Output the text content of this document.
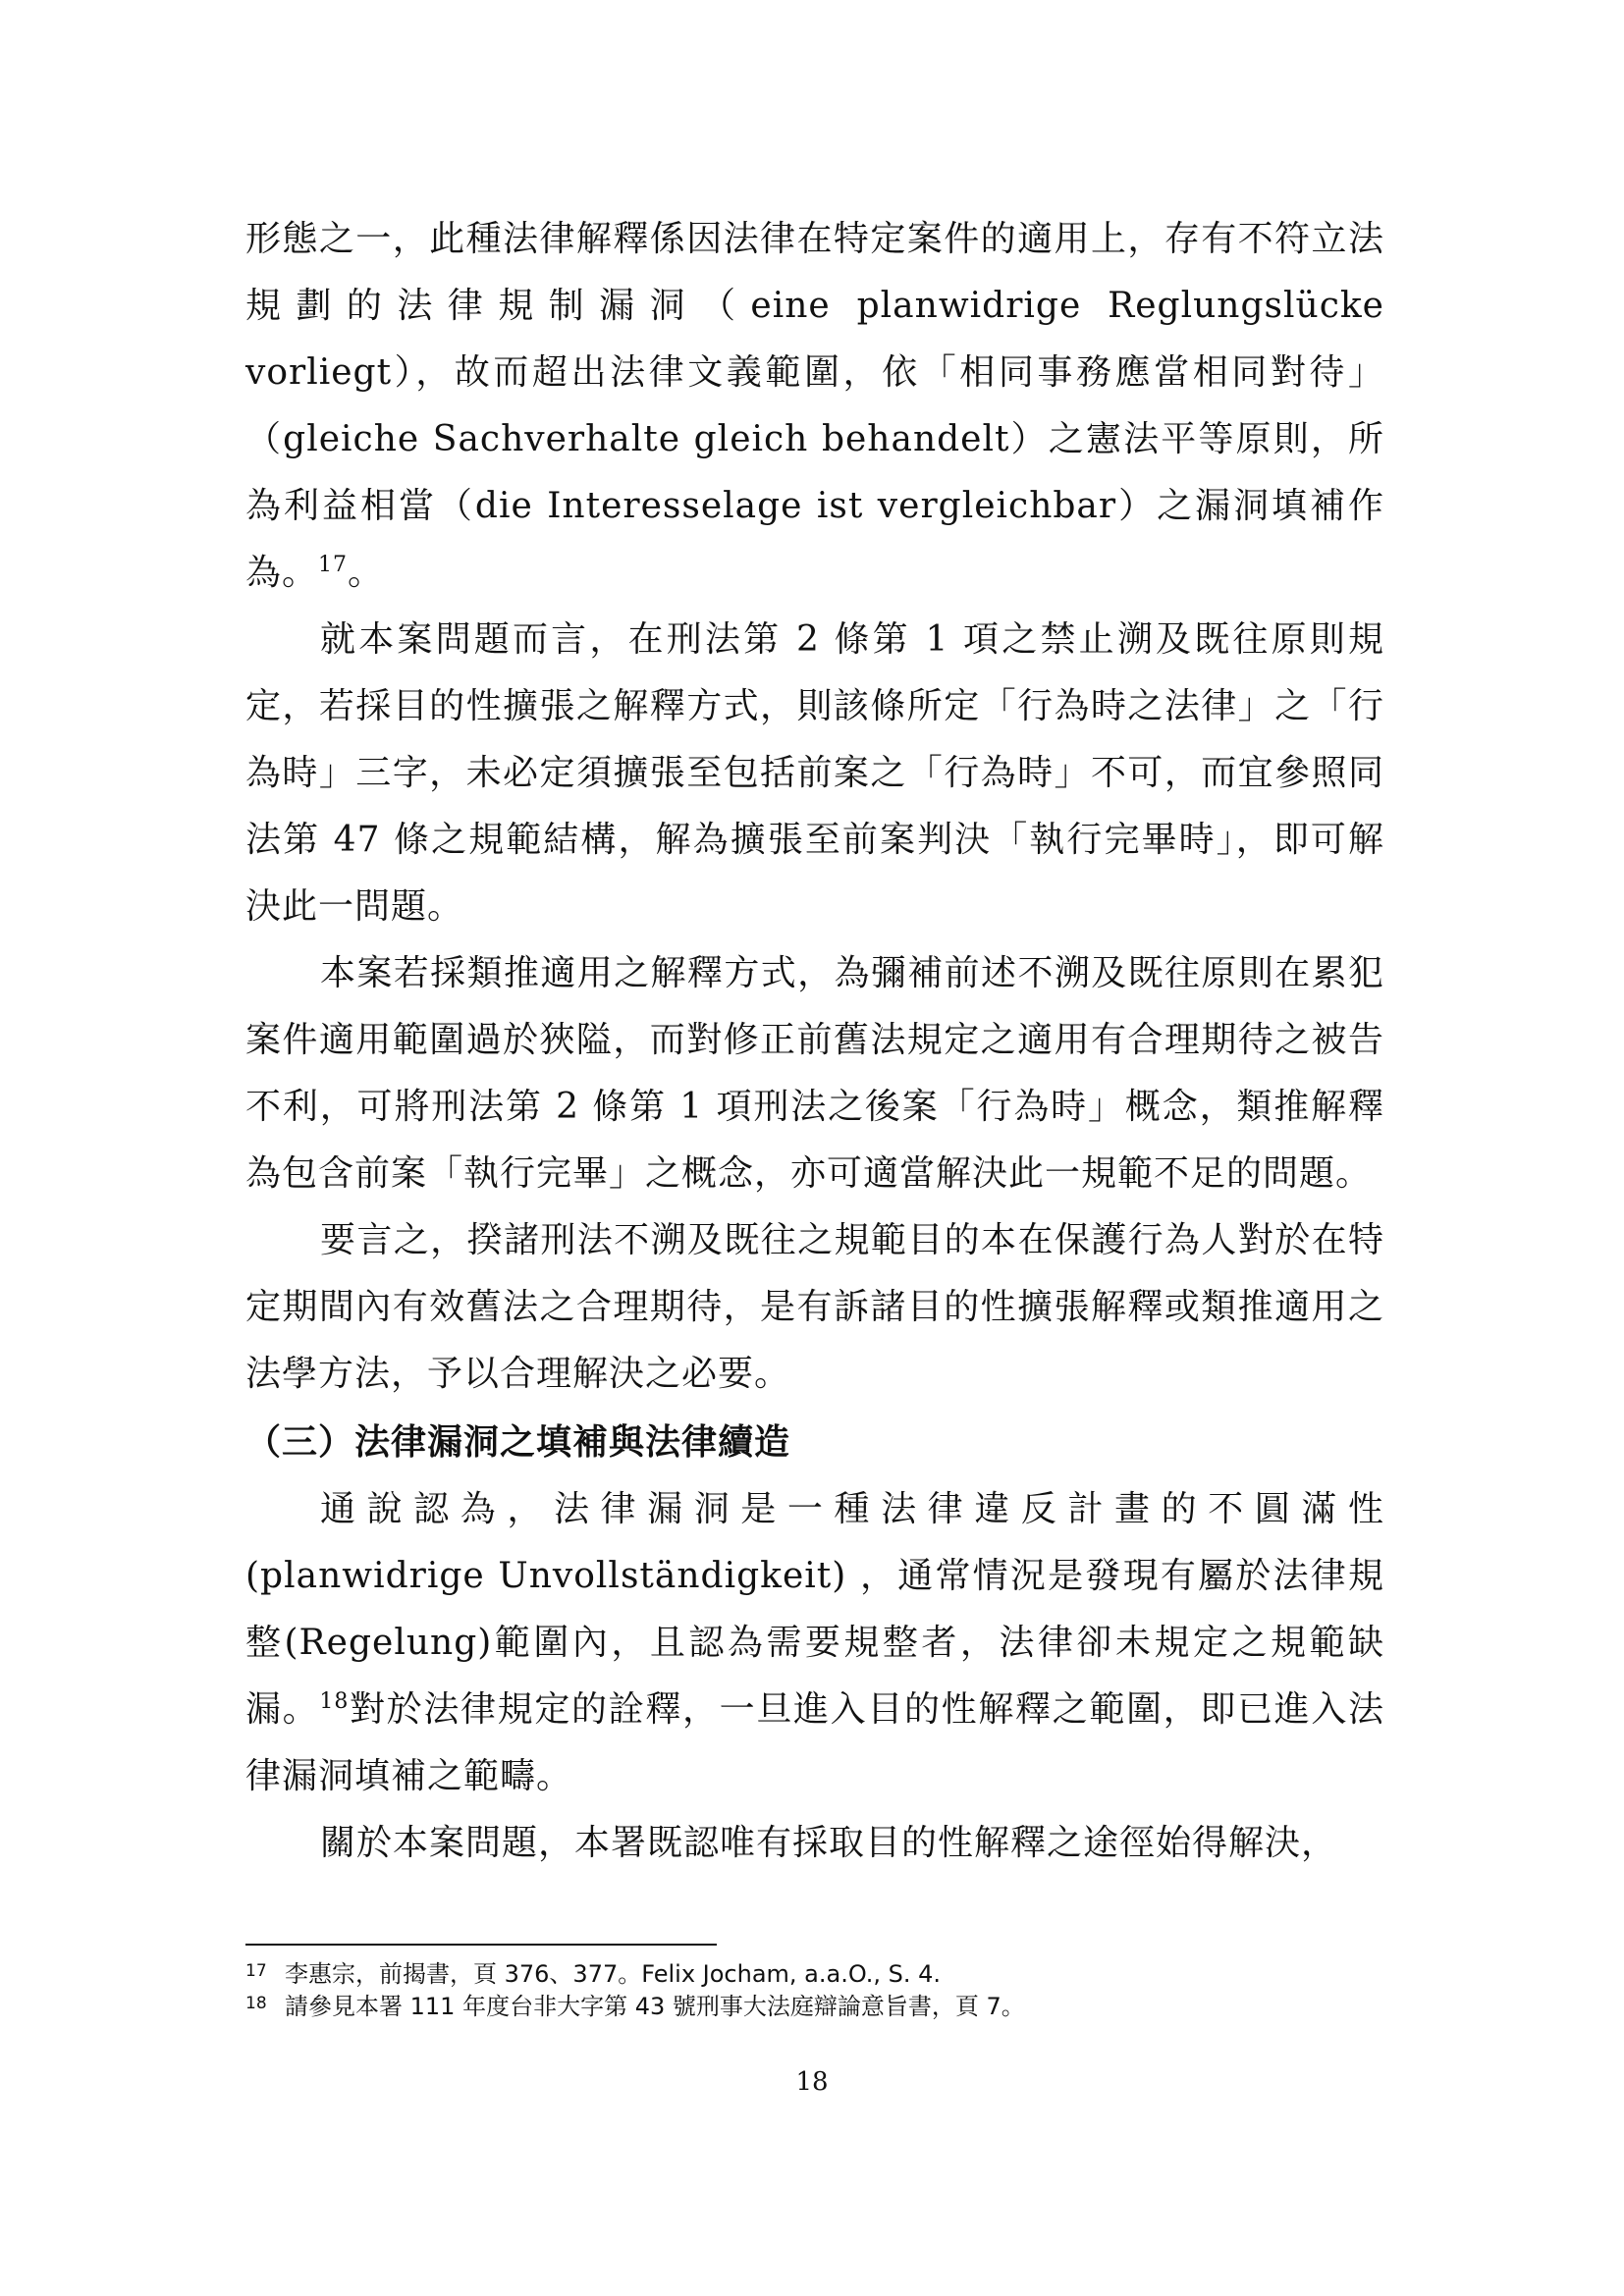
形態之一，此種法律解釋係因法律在特定案件的適用上，存有不符立法規劃的法律規制漏洞（eine planwidrige Reglungslücke vorliegt），故而超出法律文義範圍，依「相同事務應當相同對待」（gleiche Sachverhalte gleich behandelt）之憲法平等原則，所為利益相當（die Interesselage ist vergleichbar）之漏洞填補作為。$^{17}$。

就本案問題而言，在刑法第 2 條第 1 項之禁止溯及既往原則規定，若採目的性擴張之解釋方式，則該條所定「行為時之法律」之「行為時」三字，未必定須擴張至包括前案之「行為時」不可，而宜參照同法第 47 條之規範結構，解為擴張至前案判決「執行完畢時」，即可解決此一問題。

本案若採類推適用之解釋方式，為彌補前述不溯及既往原則在累犯案件適用範圍過於狹隘，而對修正前舊法規定之適用有合理期待之被告不利，可將刑法第 2 條第 1 項刑法之後案「行為時」概念，類推解釋為包含前案「執行完畢」之概念，亦可適當解決此一規範不足的問題。

要言之，揆諸刑法不溯及既往之規範目的本在保護行為人對於在特定期間內有效舊法之合理期待，是有訴諸目的性擴張解釋或類推適用之法學方法，予以合理解決之必要。

（三）法律漏洞之填補與法律續造

通說認為，法律漏洞是一種法律違反計畫的不圓滿性(planwidrige Unvollständigkeit) ，通常情況是發現有屬於法律規整(Regelung)範圍內，且認為需要規整者，法律卻未規定之規範缺漏。$^{18}$對於法律規定的詮釋，一旦進入目的性解釋之範圍，即已進入法律漏洞填補之範疇。

關於本案問題，本署既認唯有採取目的性解釋之途徑始得解決，

17 李惠宗，前揭書，頁 376、377。Felix Jocham, a.a.O., S. 4.
18 請參見本署 111 年度台非大字第 43 號刑事大法庭辯論意旨書，頁 7。
18
